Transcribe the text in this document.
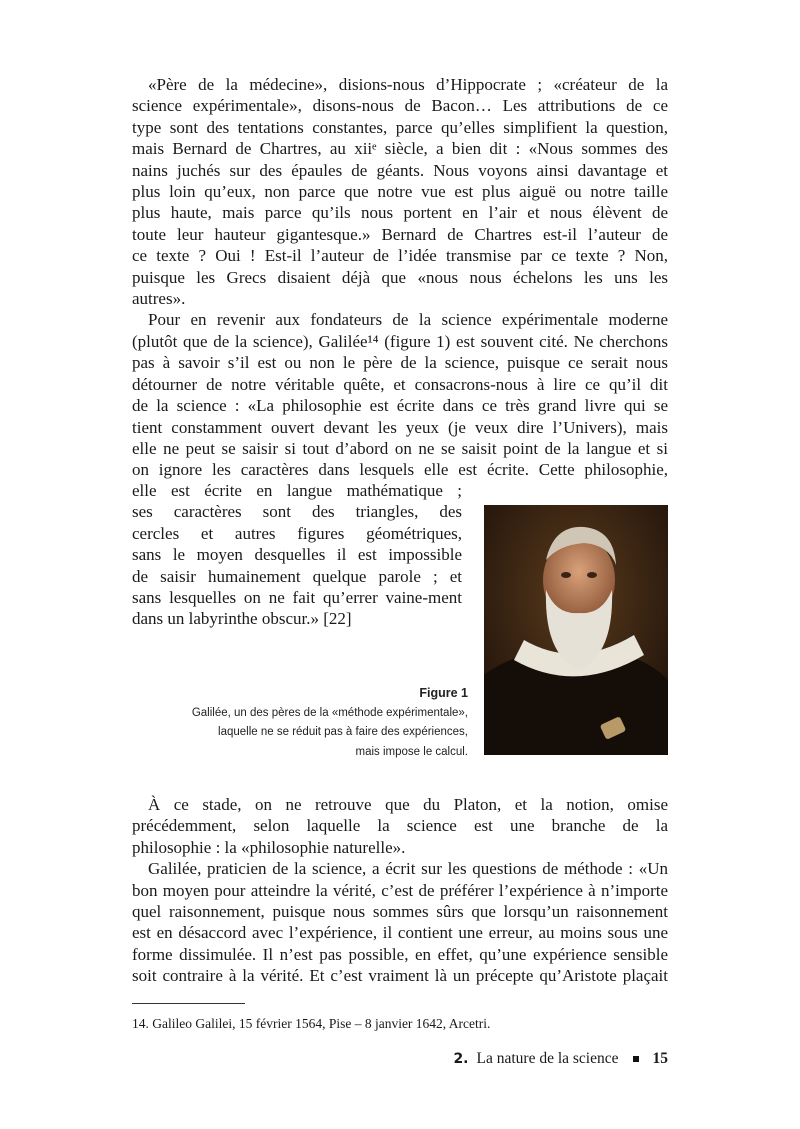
«Père de la médecine», disions-nous d’Hippocrate ; «créateur de la
science expérimentale», disons-nous de Bacon… Les attributions de ce
type sont des tentations constantes, parce qu’elles simplifient la question,
mais Bernard de Chartres, au xiiᵉ siècle, a bien dit : «Nous sommes des
nains juchés sur des épaules de géants. Nous voyons ainsi davantage et
plus loin qu’eux, non parce que notre vue est plus aiguë ou notre taille
plus haute, mais parce qu’ils nous portent en l’air et nous élèvent de
toute leur hauteur gigantesque.» Bernard de Chartres est-il l’auteur de
ce texte ? Oui ! Est-il l’auteur de l’idée transmise par ce texte ? Non,
puisque les Grecs disaient déjà que «nous nous échelons les uns les
autres».
Pour en revenir aux fondateurs de la science expérimentale moderne
(plutôt que de la science), Galilée¹⁴ (figure 1) est souvent cité. Ne cherchons
pas à savoir s’il est ou non le père de la science, puisque ce serait nous
détourner de notre véritable quête, et consacrons-nous à lire ce qu’il dit
de la science : «La philosophie est écrite dans ce très grand livre qui se
tient constamment ouvert devant les yeux (je veux dire l’Univers), mais
elle ne peut se saisir si tout d’abord on ne se saisit point de la langue et si
on ignore les caractères dans lesquels elle est écrite. Cette philosophie,
elle est écrite en langue mathématique ;
ses caractères sont des triangles, des
cercles et autres figures géométriques,
sans le moyen desquelles il est impossible
de saisir humainement quelque parole ; et
sans lesquelles on ne fait qu’errer vaine-ment
dans un labyrinthe obscur.» [22]
Figure 1
Galilée, un des pères de la «méthode expérimentale»,
laquelle ne se réduit pas à faire des expériences,
mais impose le calcul.
À ce stade, on ne retrouve que du Platon, et la notion, omise
précédemment, selon laquelle la science est une branche de la
philosophie : la «philosophie naturelle».
Galilée, praticien de la science, a écrit sur les questions de méthode : «Un
bon moyen pour atteindre la vérité, c’est de préférer l’expérience à n’importe
quel raisonnement, puisque nous sommes sûrs que lorsqu’un raisonnement
est en désaccord avec l’expérience, il contient une erreur, au moins sous une
forme dissimulée. Il n’est pas possible, en effet, qu’une expérience sensible
soit contraire à la vérité. Et c’est vraiment là un précepte qu’Aristote plaçait
14. Galileo Galilei, 15 février 1564, Pise – 8 janvier 1642, Arcetri.
2. La nature de la science 15
